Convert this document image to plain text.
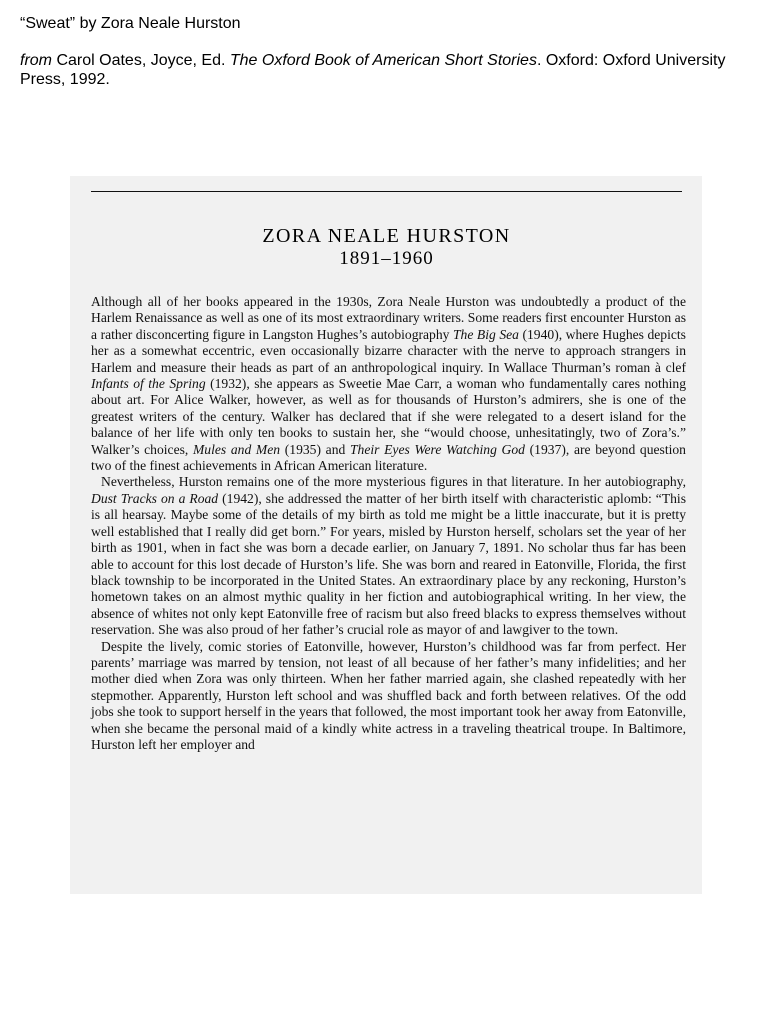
“Sweat” by Zora Neale Hurston
from Carol Oates, Joyce, Ed. The Oxford Book of American Short Stories. Oxford: Oxford University Press, 1992.
ZORA NEALE HURSTON
1891–1960

Although all of her books appeared in the 1930s, Zora Neale Hurston was undoubtedly a product of the Harlem Renaissance as well as one of its most extraordinary writers. Some readers first encounter Hurston as a rather disconcerting figure in Langston Hughes’s autobiography The Big Sea (1940), where Hughes depicts her as a somewhat eccentric, even occasionally bizarre character with the nerve to approach strangers in Harlem and measure their heads as part of an anthropological inquiry. In Wallace Thurman’s roman à clef Infants of the Spring (1932), she appears as Sweetie Mae Carr, a woman who fundamentally cares nothing about art. For Alice Walker, however, as well as for thousands of Hurston’s admirers, she is one of the greatest writers of the century. Walker has declared that if she were relegated to a desert island for the balance of her life with only ten books to sustain her, she “would choose, unhesitatingly, two of Zora’s.” Walker’s choices, Mules and Men (1935) and Their Eyes Were Watching God (1937), are beyond question two of the finest achievements in African American literature.

Nevertheless, Hurston remains one of the more mysterious figures in that literature. In her autobiography, Dust Tracks on a Road (1942), she addressed the matter of her birth itself with characteristic aplomb: “This is all hearsay. Maybe some of the details of my birth as told me might be a little inaccurate, but it is pretty well established that I really did get born.” For years, misled by Hurston herself, scholars set the year of her birth as 1901, when in fact she was born a decade earlier, on January 7, 1891. No scholar thus far has been able to account for this lost decade of Hurston’s life. She was born and reared in Eatonville, Florida, the first black township to be incorporated in the United States. An extraordinary place by any reckoning, Hurston’s hometown takes on an almost mythic quality in her fiction and autobiographical writing. In her view, the absence of whites not only kept Eatonville free of racism but also freed blacks to express themselves without reservation. She was also proud of her father’s crucial role as mayor of and lawgiver to the town.

Despite the lively, comic stories of Eatonville, however, Hurston’s childhood was far from perfect. Her parents’ marriage was marred by tension, not least of all because of her father’s many infidelities; and her mother died when Zora was only thirteen. When her father married again, she clashed repeatedly with her stepmother. Apparently, Hurston left school and was shuffled back and forth between relatives. Of the odd jobs she took to support herself in the years that followed, the most important took her away from Eatonville, when she became the personal maid of a kindly white actress in a traveling theatrical troupe. In Baltimore, Hurston left her employer and
